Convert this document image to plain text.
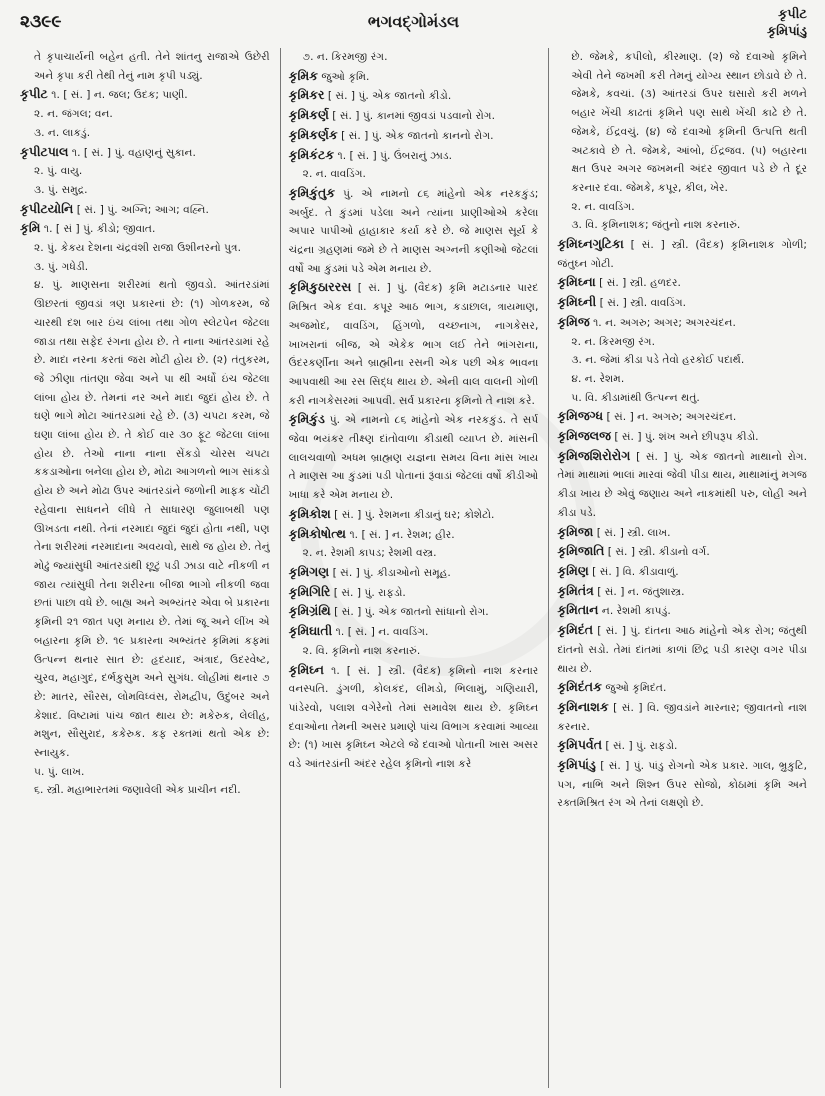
૨૩૯૯	ભગવદ્ગોમંડલ	કૃપીટ
કૃમિપાંડુ

તે કૃપાચાર્યની બહેન હતી. તેને શાંતનુ રાજાએ ઉછેરી અને કૃપા કરી તેથી તેનું નામ કૃપી પડ્યું.

કૃપીટ ૧. [ સં. ] ન. જલ; ઉદક; પાણી.

૨. ન. જંગલ; વન.

૩. ન. લાકડું.

કૃપીટપાલ ૧. [ સં. ] પું. વહાણનું સુકાન.

૨. પું. વાયુ.

૩. પું. સમુદ્ર.

કૃપીટયોનિ [ સં. ] પું. અગ્નિ; આગ; વહ્નિ.

કૃમિ ૧. [ સં ] પું. કીડો; જીવાત.

૨. પું. કેકય દેશના ચંદ્રવંશી રાજા ઉશીનરનો પુત્ર.

૩. પું. ગધેડી.

૪. પું. માણસના શરીરમાં થતો જીવડો. આંતરડાંમાં ઊછરતાં જીવડાં ત્રણ પ્રકારનાં છે: (૧) ગોળકરમ, જે ચારથી દશ બાર ઇંચ લાંબા તથા ગોળ સ્લેટપેન જેટલા જાડા તથા સફેદ રંગના હોય છે. તે નાના આંતરડામાં રહે છે. માદા નરના કરતાં જરા મોટી હોય છે. (૨) તંતુકરમ, જે ઝીણા તાંતણા જેવા અને પા થી અર્ધો ઇંચ જેટલા લાંબા હોય છે. તેમનાં નર અને માદા જુદાં હોય છે. તે ઘણે ભાગે મોટા આંતરડામાં રહે છે. (૩) ચપટા કરમ, જે ઘણા લાંબા હોય છે. તે કોઈ વાર ૩૦ ફૂટ જેટલા લાંબા હોય છે. તેઓ નાના નાના સેંકડો ચોરસ ચપટા કકડાઓના બનેલા હોય છે, મોઢા આગળનો ભાગ સાંકડો હોય છે અને મોઢા ઉપર આંતરડાંને જળોની માફક ચોંટી રહેવાના સાધનને લીધે તે સાધારણ જુલાબથી પણ ઊખડતા નથી. તેનાં નરમાદા જુદાં જુદાં હોતા નથી, પણ તેના શરીરમાં નરમાદાના અવયવો, સાથે જ હોય છે. તેનું મોઢું જ્યાંસુધી આંતરડાંથી છૂટું પડી ઝાડા વાટે નીકળી ન જાય ત્યાંસુધી તેના શરીરના બીજા ભાગો નીકળી જવા છતાં પાછા વધે છે. બાહ્ય અને અભ્યંતર એવા બે પ્રકારના કૃમિની ૨૧ જાત પણ મનાય છે. તેમાં જૂ અને લીંખ એ બહારના કૃમિ છે. ૧૯ પ્રકારના અભ્યંતર કૃમિમાં કફમાં ઉત્પન્ન થનાર સાત છે: હૃદયાદ, અંત્રાદ, ઉદરવેષ્ટ, ચુરવ, મહાગુદ, દર્ભકુસુમ અને સુગંધ. લોહીમાં થનાર ૭ છે: માતર, સૌરસ, લોમવિધ્વંસ, રોમદ્વીપ, ઉદુંબર અને કેશાદ. વિષ્ટામાં પાંચ જાત થાય છે: મકેરુક, લેલીહ, મશુન, સૌસુરાદ, કકેરુક. કફ રક્તમાં થતો એક છે: સ્નાયુક.

૫. પું. લાખ.

૬. સ્ત્રી. મહાભારતમાં જણાવેલી એક પ્રાચીન નદી.

૭. ન. કિરમજી રંગ.

કૃમિક જુઓ કૃમિ.

કૃમિકર [ સં. ] પું. એક જાતનો કીડો.

કૃમિકર્ણ [ સં. ] પું. કાનમાં જીવડાં પડવાનો રોગ.

કૃમિકર્ણક [ સં. ] પું. એક જાતનો કાનનો રોગ.

કૃમિકંટક ૧. [ સં. ] પું. ઉંબરાનું ઝાડ.

૨. ન. વાવડિંગ.

કૃમિકુંતુક પું. એ નામનો ૮૬ માંહેનો એક નરકકુંડ; અર્બુદ. તે કુંડમાં પડેલા અને ત્યાંના પ્રાણીઓએ કરેલા અપાર પાપીઓ હાહાકાર કર્યા કરે છે. જે માણસ સૂર્ય કે ચંદ્રના ગ્રહણમાં જમે છે તે માણસ અગ્નની કણીઓ જેટલાં વર્ષો આ કુંડમાં પડે એમ મનાય છે.

કૃમિકુઠારરસ [ સં. ] પું. (વૈદક) કૃમિ મટાડનાર પારદ મિશ્રિત એક દવા. કપૂર આઠ ભાગ, કડાછાલ, ત્રાયમાણ, અજમોદ, વાવડિંગ, હિંગળો, વચ્છનાગ, નાગકેસર, ખાખરાનાં બીજ, એ એકેક ભાગ લઈ તેને ભાંગરાના, ઉંદરકર્ણીના અને બ્રાહ્મીના રસની એક પછી એક ભાવના આપવાથી આ રસ સિદ્ધ થાય છે. એની વાલ વાલની ગોળી કરી નાગકેસરમાં આપવી. સર્વ પ્રકારના કૃમિનો તે નાશ કરે.

કૃમિકુંડ પું. એ નામનો ૮૬ માંહેનો એક નરકકુંડ. તે સર્પ જેવા ભયંકર તીક્ષ્ણ દાંતોવાળા કીડાથી વ્યાપ્ત છે. માંસની લાલચવાળો અધમ બ્રાહ્મણ યજ્ઞના સમય વિના માંસ ખાય તે માણસ આ કુંડમાં પડી પોતાનાં રૂંવાડાં જેટલાં વર્ષો કીડીઓ ખાધા કરે એમ મનાય છે.

કૃમિકોશ [ સં. ] પું. રેશમના કીડાનું ઘર; કોશેટો.

કૃમિકોષોત્થ ૧. [ સં. ] ન. રેશમ; હીર.

૨. ન. રેશમી કાપડ; રેશમી વસ્ત્ર.

કૃમિગણ [ સં. ] પું. કીડાઓનો સમૂહ.

કૃમિગિરિ [ સં. ] પું. રાફડો.

કૃમિગ્રંથિ [ સં. ] પું. એક જાતનો સાંધાનો રોગ.

કૃમિઘાતી ૧. [ સં. ] ન. વાવડિંગ.

૨. વિ. કૃમિનો નાશ કરનારું.

કૃમિઘ્ન ૧. [ સં. ] સ્ત્રી. (વૈદક) કૃમિનો નાશ કરનાર વનસ્પતિ. ડુંગળી, કોલકંદ, લીમડો, ભિલામું, ગણિયારી, પાંડેરવો, પલાશ વગેરેનો તેમાં સમાવેશ થાય છે. કૃમિઘ્ન દવાઓના તેમની અસર પ્રમાણે પાંચ વિભાગ કરવામાં આવ્યા છે: (૧) ખાસ કૃમિઘ્ન એટલે જે દવાઓ પોતાની ખાસ અસર વડે આંતરડાંની અંદર રહેલ કૃમિનો નાશ કરે

છે. જેમકે, કપીલો, કીરમાણ. (૨) જે દવાઓ કૃમિને એવી તેને જખમી કરી તેમનું યોગ્ય સ્થાન છોડાવે છે તે. જેમકે, કવચાં. (૩) આંતરડાં ઉપર ઘસારો કરી મળને બહાર ખેંચી કાઢતાં કૃમિને પણ સાથે ખેંચી કાઢે છે તે. જેમકે, ઈંદ્રવચું. (૪) જે દવાઓ કૃમિની ઉત્પત્તિ થતી અટકાવે છે તે. જેમકે, આંબો, ઈંદ્રજવ. (૫) બહારના ક્ષત ઉપર અગર જખમની અંદર જીવાત પડે છે તે દૂર કરનાર દવા. જેમકે, કપૂર, કીલ, ખેર.

૨. ન. વાવડિંગ.

૩. વિ. કૃમિનાશક; જંતુનો નાશ કરનારું.

કૃમિઘ્નગુટિકા [ સં. ] સ્ત્રી. (વૈદક) કૃમિનાશક ગોળી; જંતુઘ્ન ગોટી.

કૃમિઘ્ના [ સં. ] સ્ત્રી. હળદર.

કૃમિઘ્ની [ સં. ] સ્ત્રી. વાવડિંગ.

કૃમિજ ૧. ન. અગરુ; અગર; અગરચંદન.

૨. ન. કિરમજી રંગ.

૩. ન. જેમાં કીડા પડે તેવો હરકોઈ પદાર્થ.

૪. ન. રેશમ.

૫. વિ. કીડામાંથી ઉત્પન્ન થતું.

કૃમિજગ્ધ [ સં. ] ન. અગરુ; અગરચંદન.

કૃમિજલજ [ સં. ] પું. શંખ અને છીપરૂપ કીડો.

કૃમિજશિરોરોગ [ સં. ] પું. એક જાતનો માથાનો રોગ. તેમાં માથામાં ભાલાં મારવાં જેવી પીડા થાય, માથામાંનું મગજ કીડા ખાય છે એવું જણાય અને નાકમાંથી પરુ, લોહી અને કીડા પડે.

કૃમિજા [ સં. ] સ્ત્રી. લાખ.

કૃમિજાતિ [ સં. ] સ્ત્રી. કીડાનો વર્ગ.

કૃમિણ [ સં. ] વિ. કીડાવાળું.

કૃમિતંત્ર [ સં. ] ન. જંતુશાસ્ત્ર.

કૃમિતાન ન. રેશમી કાપડું.

કૃમિદંત [ સં. ] પું. દાંતના આઠ માંહેનો એક રોગ; જંતુથી દાંતનો સડો. તેમાં દાંતમાં કાળાં છિદ્ર પડી કારણ વગર પીડા થાય છે.

કૃમિદંતક જુઓ કૃમિદંત.

કૃમિનાશક [ સં. ] વિ. જીવડાંને મારનાર; જીવાતનો નાશ કરનાર.

કૃમિપર્વત [ સં. ] પું. રાફડો.

કૃમિપાંડુ [ સં. ] પું. પાંડુ રોગનો એક પ્રકાર. ગાલ, ભ્રુકુટિ, પગ, નાભિ અને શિશ્ન ઉપર સોજો, કોઠામાં કૃમિ અને રક્તમિશ્રિત રંગ એ તેનાં લક્ષણો છે.
